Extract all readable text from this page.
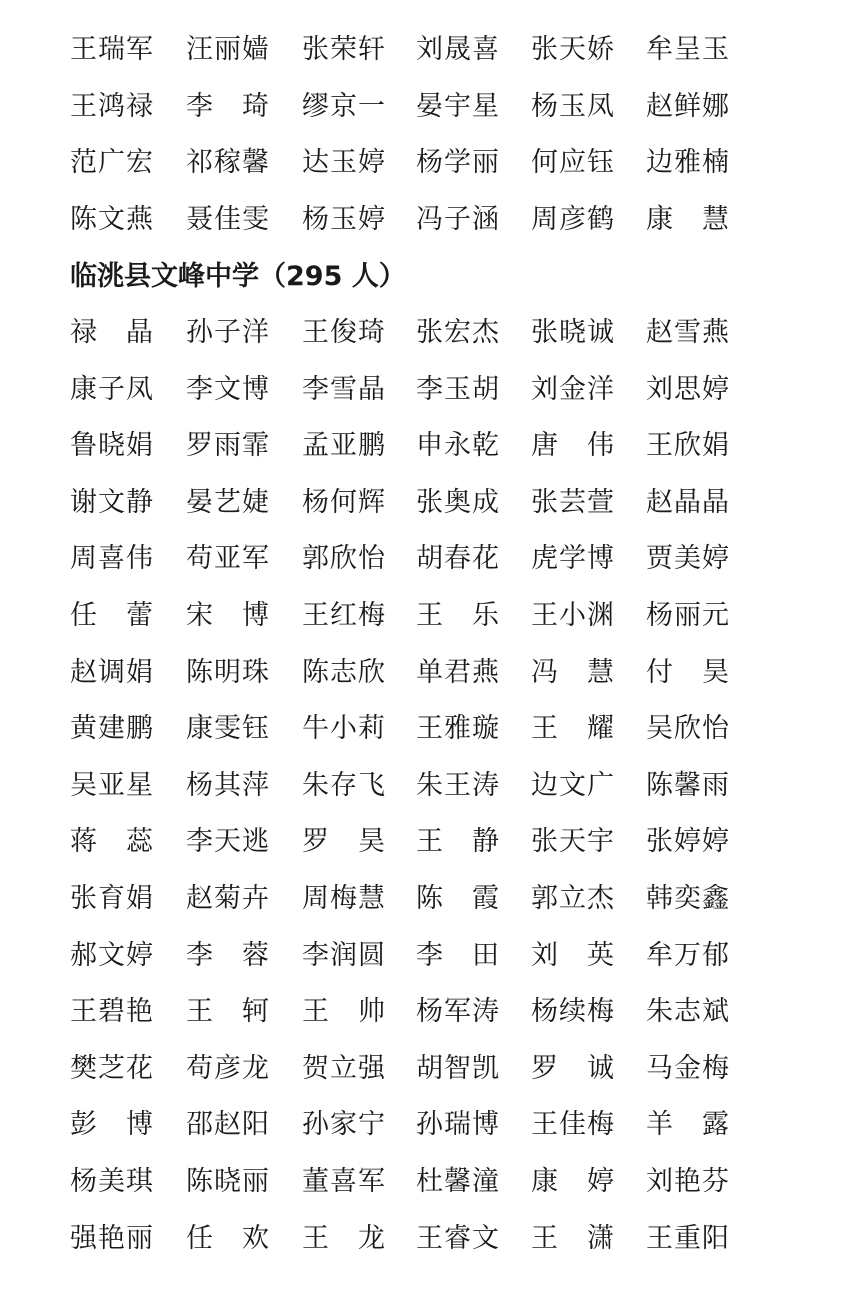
王瑞军 汪丽嫱 张荣轩 刘晟喜 张天娇 牟呈玉
王鸿禄 李　琦 缪京一 晏宇星 杨玉凤 赵鲜娜
范广宏 祁稼馨 达玉婷 杨学丽 何应钰 边雅楠
陈文燕 聂佳雯 杨玉婷 冯子涵 周彦鹤 康　慧
临洮县文峰中学（295 人）
禄　晶 孙子洋 王俊琦 张宏杰 张晓诚 赵雪燕
康子凤 李文博 李雪晶 李玉胡 刘金洋 刘思婷
鲁晓娟 罗雨霏 孟亚鹏 申永乾 唐　伟 王欣娟
谢文静 晏艺婕 杨何辉 张奥成 张芸萱 赵晶晶
周喜伟 苟亚军 郭欣怡 胡春花 虎学博 贾美婷
任　蕾 宋　博 王红梅 王　乐 王小渊 杨丽元
赵调娟 陈明珠 陈志欣 单君燕 冯　慧 付　昊
黄建鹏 康雯钰 牛小莉 王雅璇 王　耀 吴欣怡
吴亚星 杨其萍 朱存飞 朱王涛 边文广 陈馨雨
蒋　蕊 李天逃 罗　昊 王　静 张天宇 张婷婷
张育娟 赵菊卉 周梅慧 陈　霞 郭立杰 韩奕鑫
郝文婷 李　蓉 李润圆 李　田 刘　英 牟万郁
王碧艳 王　轲 王　帅 杨军涛 杨续梅 朱志斌
樊芝花 苟彦龙 贺立强 胡智凯 罗　诚 马金梅
彭　博 邵赵阳 孙家宁 孙瑞博 王佳梅 羊　露
杨美琪 陈晓丽 董喜军 杜馨潼 康　婷 刘艳芬
强艳丽 任　欢 王　龙 王睿文 王　潇 王重阳
